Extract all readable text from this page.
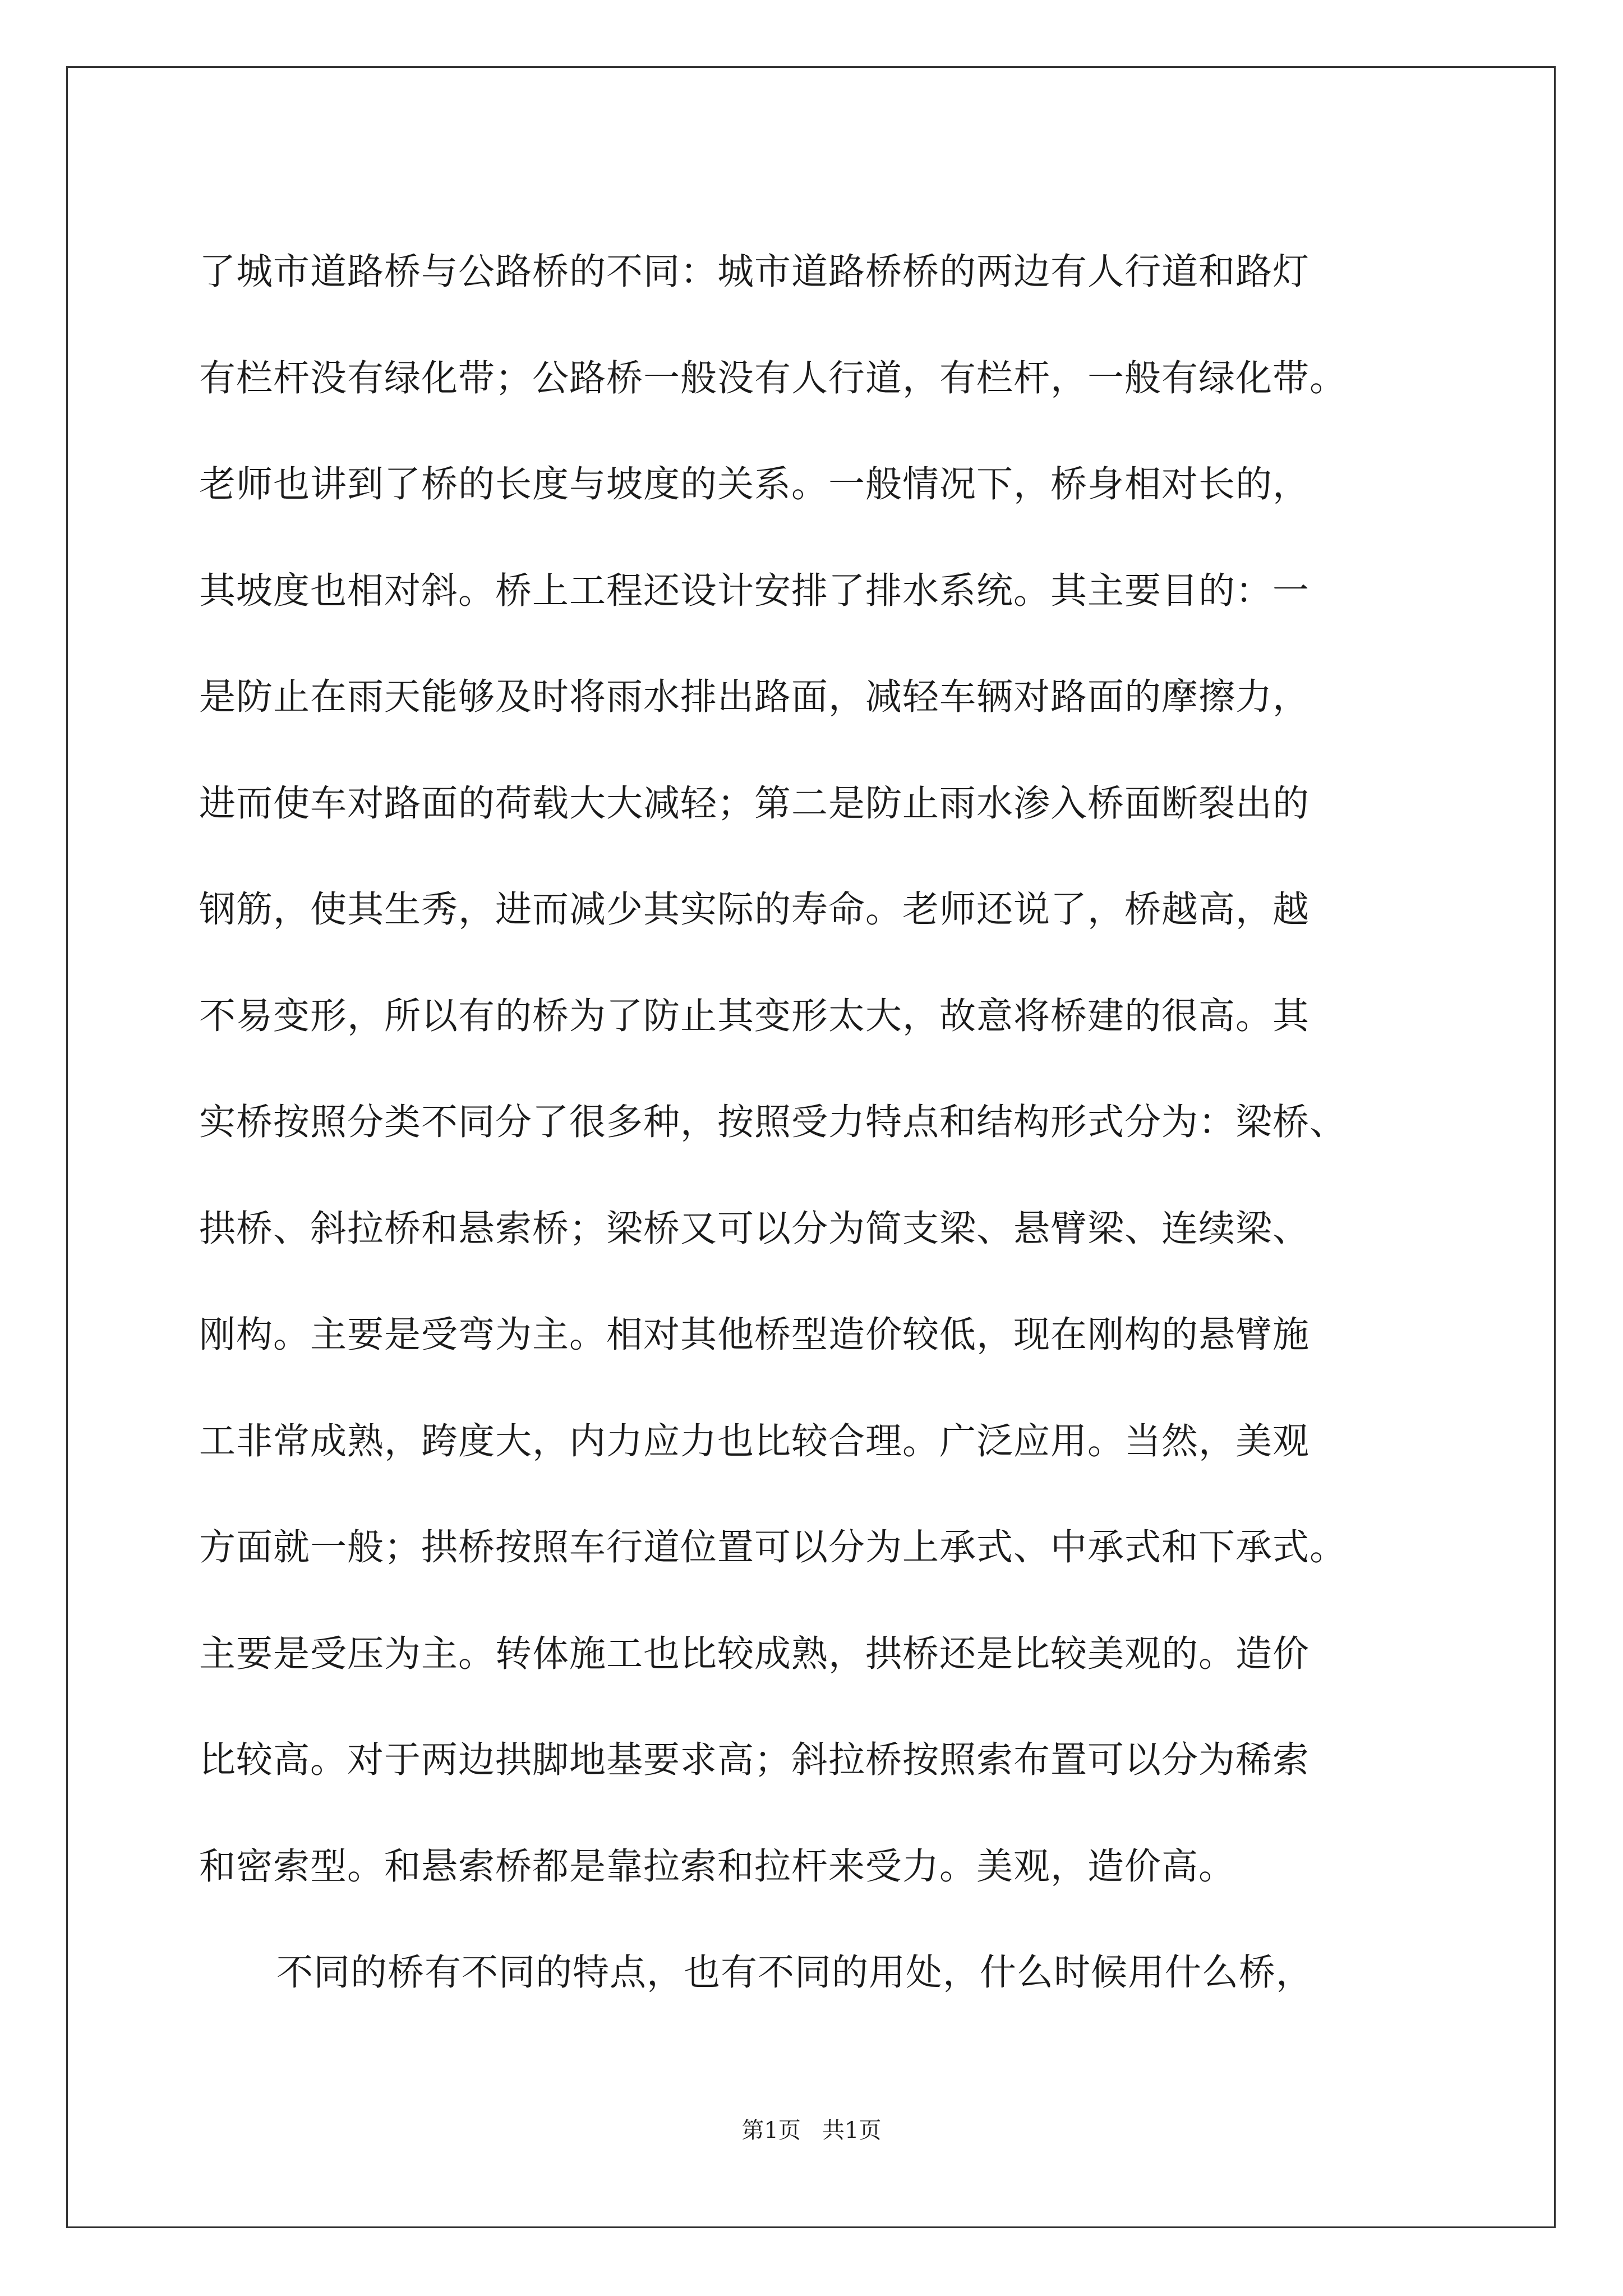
了城市道路桥与公路桥的不同：城市道路桥桥的两边有人行道和路灯
有栏杆没有绿化带；公路桥一般没有人行道，有栏杆，一般有绿化带。
老师也讲到了桥的长度与坡度的关系。一般情况下，桥身相对长的，
其坡度也相对斜。桥上工程还设计安排了排水系统。其主要目的：一
是防止在雨天能够及时将雨水排出路面，减轻车辆对路面的摩擦力，
进而使车对路面的荷载大大减轻；第二是防止雨水渗入桥面断裂出的
钢筋，使其生秀，进而减少其实际的寿命。老师还说了，桥越高，越
不易变形，所以有的桥为了防止其变形太大，故意将桥建的很高。其
实桥按照分类不同分了很多种，按照受力特点和结构形式分为：梁桥、
拱桥、斜拉桥和悬索桥；梁桥又可以分为简支梁、悬臂梁、连续梁、
刚构。主要是受弯为主。相对其他桥型造价较低，现在刚构的悬臂施
工非常成熟，跨度大，内力应力也比较合理。广泛应用。当然，美观
方面就一般；拱桥按照车行道位置可以分为上承式、中承式和下承式。
主要是受压为主。转体施工也比较成熟，拱桥还是比较美观的。造价
比较高。对于两边拱脚地基要求高；斜拉桥按照索布置可以分为稀索
和密索型。和悬索桥都是靠拉索和拉杆来受力。美观，造价高。
不同的桥有不同的特点，也有不同的用处，什么时候用什么桥，
第1页   共1页
